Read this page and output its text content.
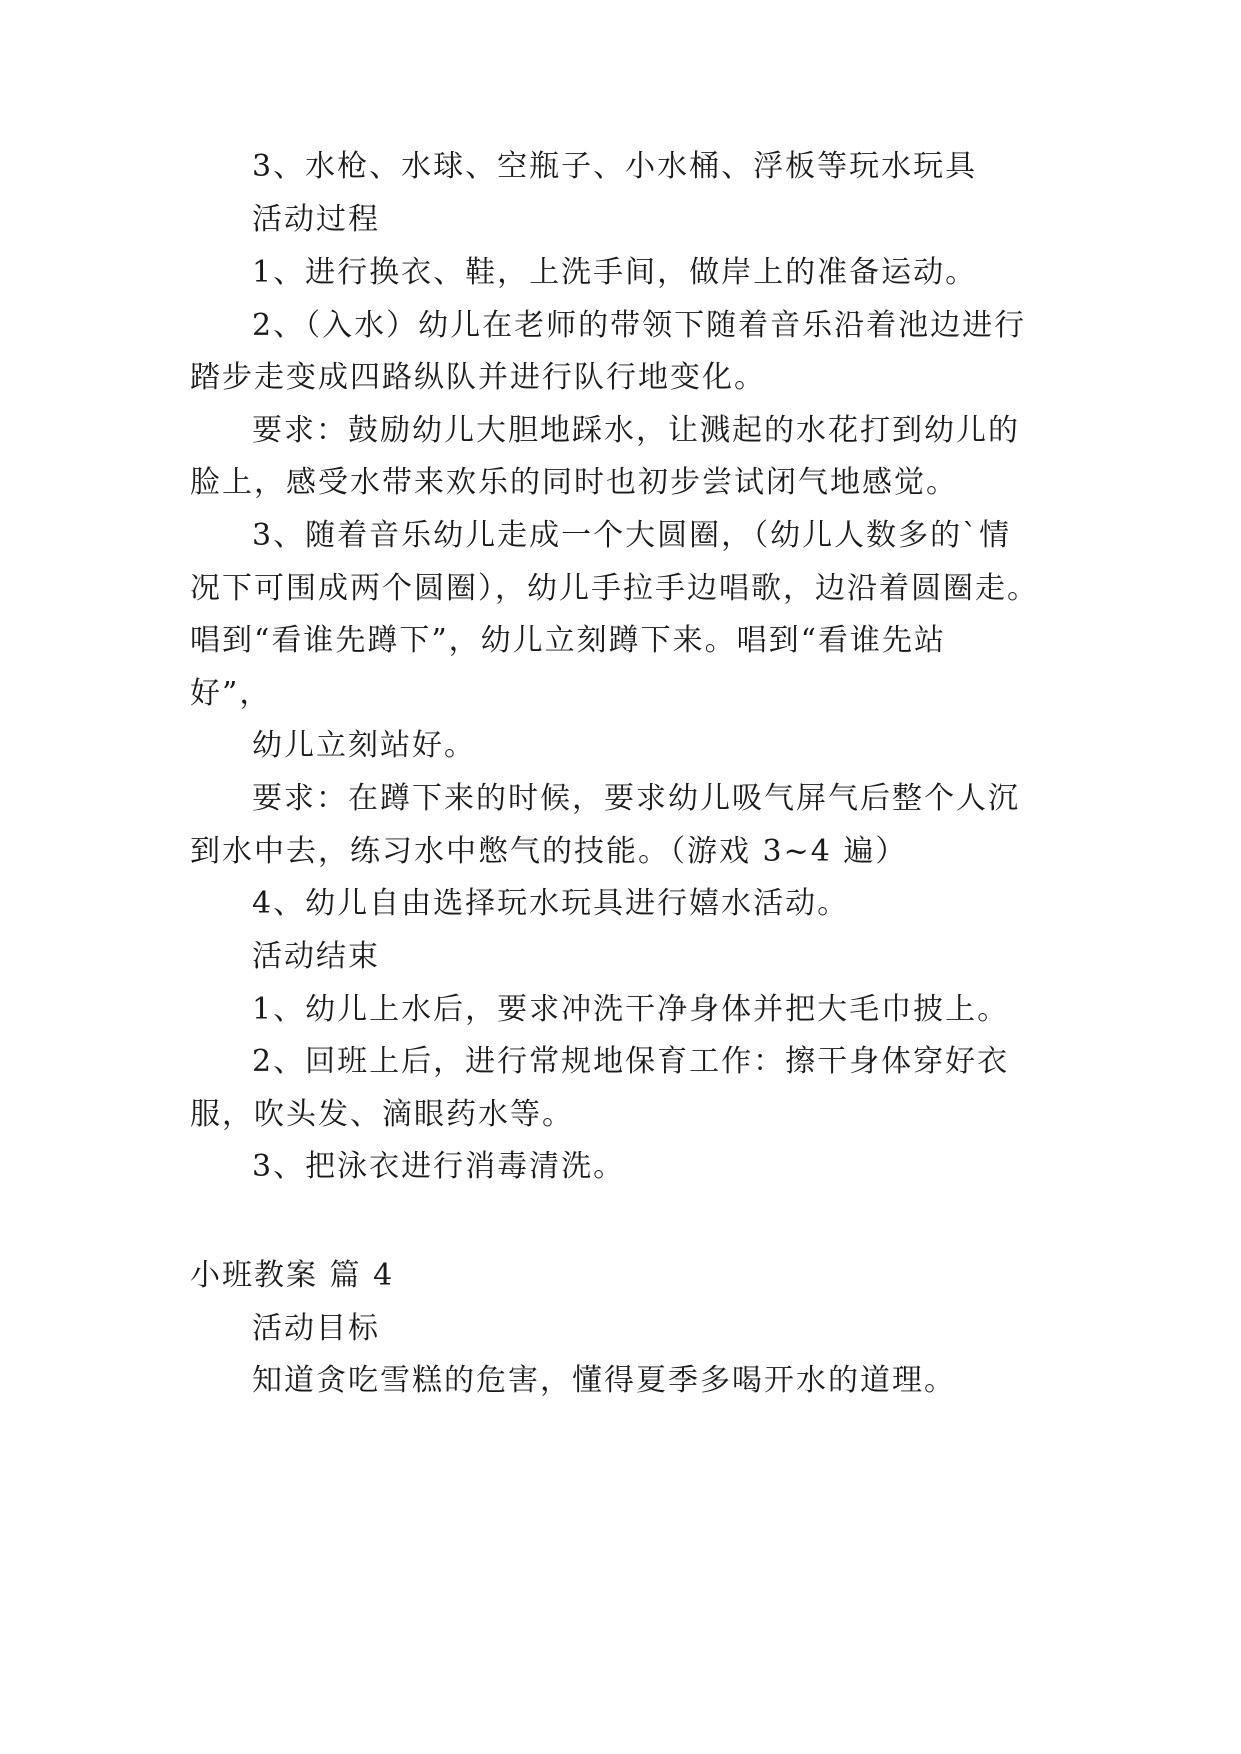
3、水枪、水球、空瓶子、小水桶、浮板等玩水玩具
活动过程
1、进行换衣、鞋，上洗手间，做岸上的准备运动。
2、（入水）幼儿在老师的带领下随着音乐沿着池边进行
踏步走变成四路纵队并进行队行地变化。
要求：鼓励幼儿大胆地踩水，让溅起的水花打到幼儿的
脸上，感受水带来欢乐的同时也初步尝试闭气地感觉。
3、随着音乐幼儿走成一个大圆圈，（幼儿人数多的`情
况下可围成两个圆圈），幼儿手拉手边唱歌，边沿着圆圈走。
唱到“看谁先蹲下”，幼儿立刻蹲下来。唱到“看谁先站
好”，
幼儿立刻站好。
要求：在蹲下来的时候，要求幼儿吸气屏气后整个人沉
到水中去，练习水中憋气的技能。（游戏 3~4 遍）
4、幼儿自由选择玩水玩具进行嬉水活动。
活动结束
1、幼儿上水后，要求冲洗干净身体并把大毛巾披上。
2、回班上后，进行常规地保育工作：擦干身体穿好衣
服，吹头发、滴眼药水等。
3、把泳衣进行消毒清洗。
小班教案 篇 4
活动目标
知道贪吃雪糕的危害，懂得夏季多喝开水的道理。
